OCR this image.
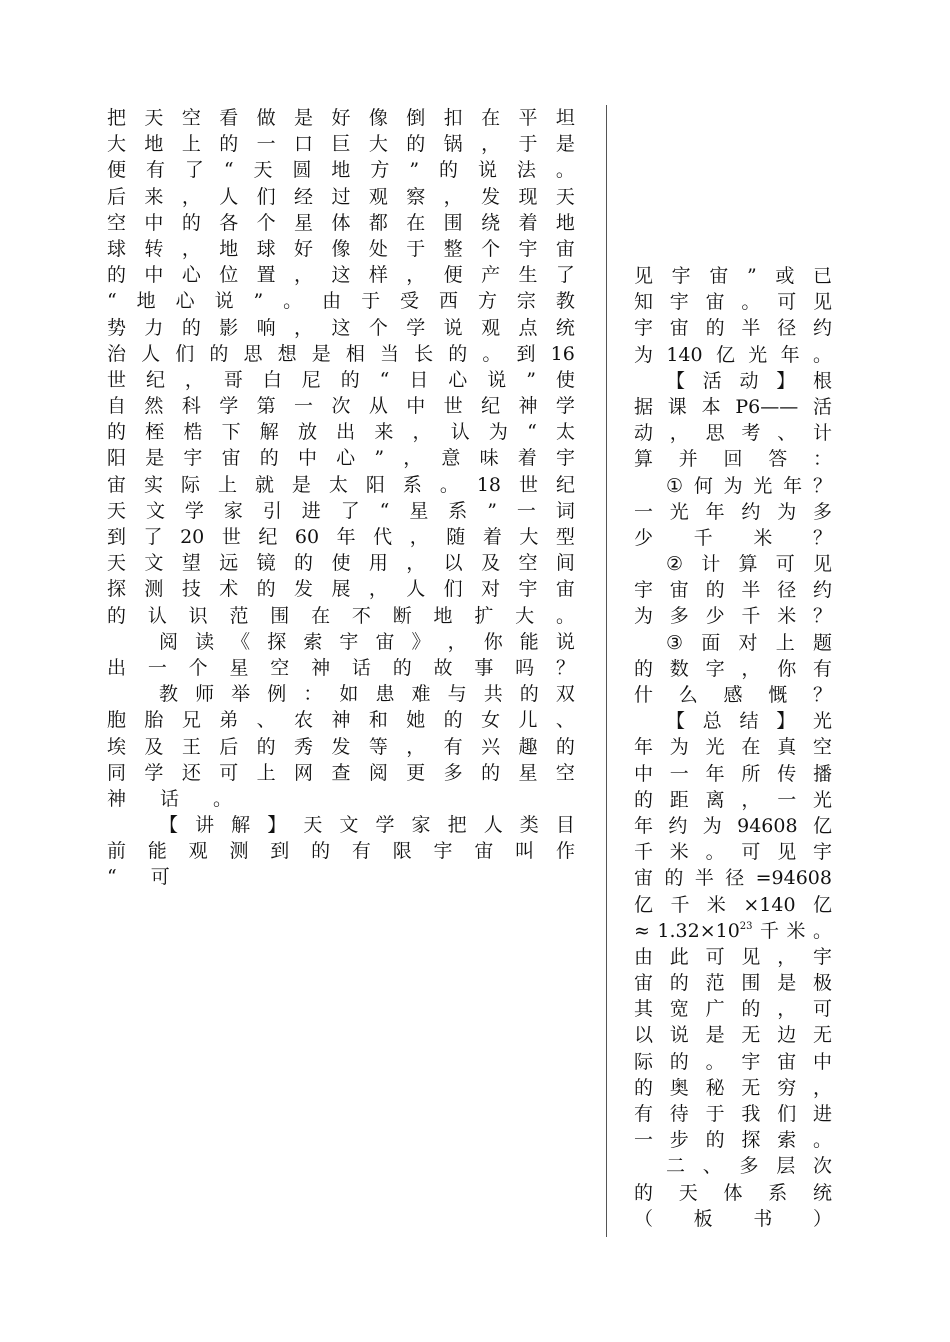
把 天 空 看 做 是 好 像 倒 扣 在 平 坦
大 地 上 的 一 口 巨 大 的 锅 ， 于 是
便 有 了 “ 天 圆 地 方 ” 的 说 法 。
后 来 ， 人 们 经 过 观 察 ， 发 现 天
空 中 的 各 个 星 体 都 在 围 绕 着 地
球 转 ， 地 球 好 像 处 于 整 个 宇 宙
的 中 心 位 置 ， 这 样 ， 便 产 生 了
“ 地 心 说 ” 。 由 于 受 西 方 宗 教
势 力 的 影 响 ， 这 个 学 说 观 点 统
治 人 们 的 思 想 是 相 当 长 的 。 到 16
世 纪 ， 哥 白 尼 的 “ 日 心 说 ” 使
自 然 科 学 第 一 次 从 中 世 纪 神 学
的 桎 梏 下 解 放 出 来 ， 认 为 “ 太
阳 是 宇 宙 的 中 心 ” ， 意 味 着 宇
宙 实 际 上 就 是 太 阳 系 。 18 世 纪
天 文 学 家 引 进 了 “ 星 系 ” 一 词
到 了 20 世 纪 60 年 代 ， 随 着 大 型
天 文 望 远 镜 的 使 用 ， 以 及 空 间
探 测 技 术 的 发 展 ， 人 们 对 宇 宙
的 认 识 范 围 在 不 断 地 扩 大 。
阅 读 《 探 索 宇 宙 》 ， 你 能 说
出 一 个 星 空 神 话 的 故 事 吗 ？
教 师 举 例 ： 如 患 难 与 共 的 双
胞 胎 兄 弟 、 农 神 和 她 的 女 儿 、
埃 及 王 后 的 秀 发 等 ， 有 兴 趣 的
同 学 还 可 上 网 查 阅 更 多 的 星 空
神 话 。
【 讲 解 】 天 文 学 家 把 人 类 目
前 能 观 测 到 的 有 限 宇 宙 叫 作
“ 可
见 宇 宙 ” 或 已
知 宇 宙 。 可 见
宇 宙 的 半 径 约
为 140 亿 光 年 。
【 活 动 】 根
据 课 本 P6—— 活
动 ， 思 考 、 计
算 并 回 答 ：
① 何 为 光 年 ？
一 光 年 约 为 多
少 千 米 ？
② 计 算 可 见
宇 宙 的 半 径 约
为 多 少 千 米 ？
③ 面 对 上 题
的 数 字 ， 你 有
什 么 感 慨 ？
【 总 结 】 光
年 为 光 在 真 空
中 一 年 所 传 播
的 距 离 ， 一 光
年 约 为 94608 亿
千 米 。 可 见 宇
宙 的 半 径 =94608
亿 千 米 ×140 亿
≈ 1.32×1023 千 米 。
由 此 可 见 ， 宇
宙 的 范 围 是 极
其 宽 广 的 ， 可
以 说 是 无 边 无
际 的 。 宇 宙 中
的 奥 秘 无 穷 ，
有 待 于 我 们 进
一 步 的 探 索 。
二 、 多 层 次
的 天 体 系 统
（ 板 书 ）
